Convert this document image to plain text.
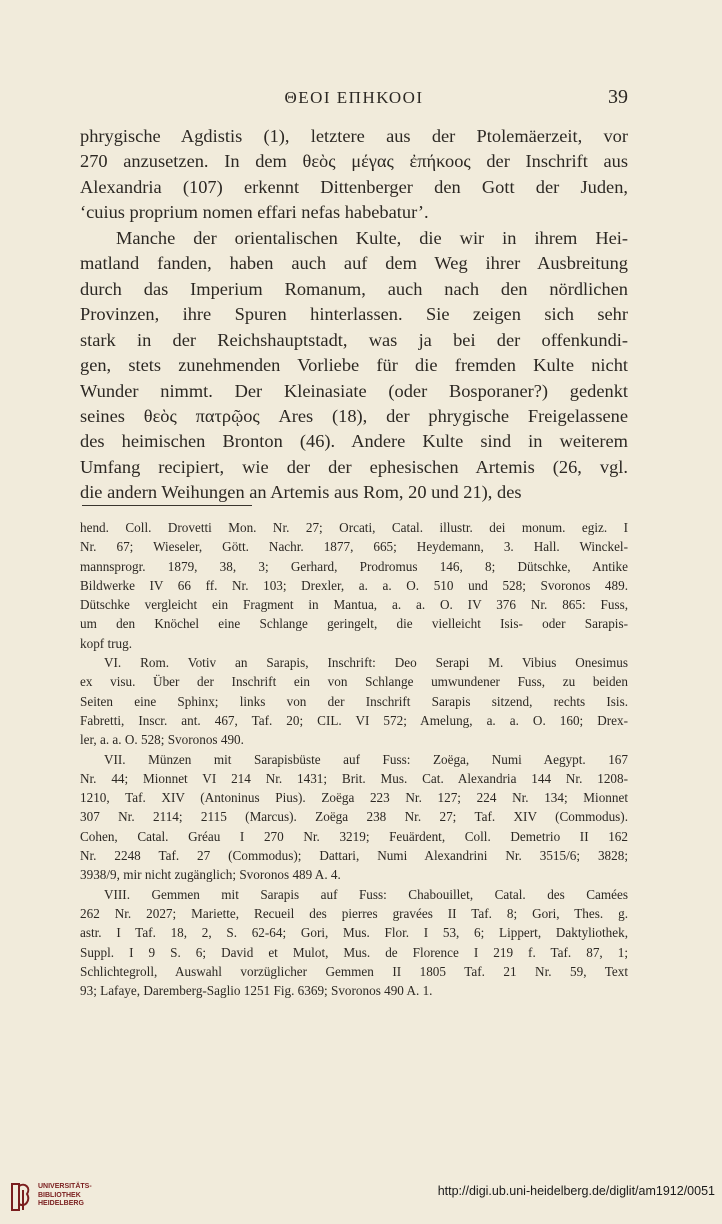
ΘΕΟΙ ΕΠΗΚΟΟΙ	39

phrygische Agdistis (1), letztere aus der Ptolemäerzeit, vor
270 anzusetzen. In dem θεὸς μέγας ἐπήκοος der Inschrift aus
Alexandria (107) erkennt Dittenberger den Gott der Juden,
‘cuius proprium nomen effari nefas habebatur’.

Manche der orientalischen Kulte, die wir in ihrem Hei-
matland fanden, haben auch auf dem Weg ihrer Ausbreitung
durch das Imperium Romanum, auch nach den nördlichen
Provinzen, ihre Spuren hinterlassen. Sie zeigen sich sehr
stark in der Reichshauptstadt, was ja bei der offenkundi-
gen, stets zunehmenden Vorliebe für die fremden Kulte nicht
Wunder nimmt. Der Kleinasiate (oder Bosporaner?) gedenkt
seines θεὸς πατρῷος Ares (18), der phrygische Freigelassene
des heimischen Bronton (46). Andere Kulte sind in weiterem
Umfang recipiert, wie der der ephesischen Artemis (26, vgl.
die andern Weihungen an Artemis aus Rom, 20 und 21), des

hend. Coll. Drovetti Mon. Nr. 27; Orcati, Catal. illustr. dei monum. egiz. I
Nr. 67; Wieseler, Gött. Nachr. 1877, 665; Heydemann, 3. Hall. Winckel-
mannsprogr. 1879, 38, 3; Gerhard, Prodromus 146, 8; Dütschke, Antike
Bildwerke IV 66 ff. Nr. 103; Drexler, a. a. O. 510 und 528; Svoronos 489.
Dütschke vergleicht ein Fragment in Mantua, a. a. O. IV 376 Nr. 865: Fuss,
um den Knöchel eine Schlange geringelt, die vielleicht Isis- oder Sarapis-
kopf trug.

VI. Rom. Votiv an Sarapis, Inschrift: Deo Serapi M. Vibius Onesimus
ex visu. Über der Inschrift ein von Schlange umwundener Fuss, zu beiden
Seiten eine Sphinx; links von der Inschrift Sarapis sitzend, rechts Isis.
Fabretti, Inscr. ant. 467, Taf. 20; CIL. VI 572; Amelung, a. a. O. 160; Drex-
ler, a. a. O. 528; Svoronos 490.

VII. Münzen mit Sarapisbüste auf Fuss: Zoëga, Numi Aegypt. 167
Nr. 44; Mionnet VI 214 Nr. 1431; Brit. Mus. Cat. Alexandria 144 Nr. 1208-
1210, Taf. XIV (Antoninus Pius). Zoëga 223 Nr. 127; 224 Nr. 134; Mionnet
307 Nr. 2114; 2115 (Marcus). Zoëga 238 Nr. 27; Taf. XIV (Commodus).
Cohen, Catal. Gréau I 270 Nr. 3219; Feuärdent, Coll. Demetrio II 162
Nr. 2248 Taf. 27 (Commodus); Dattari, Numi Alexandrini Nr. 3515/6; 3828;
3938/9, mir nicht zugänglich; Svoronos 489 A. 4.

VIII. Gemmen mit Sarapis auf Fuss: Chabouillet, Catal. des Camées
262 Nr. 2027; Mariette, Recueil des pierres gravées II Taf. 8; Gori, Thes. g.
astr. I Taf. 18, 2, S. 62-64; Gori, Mus. Flor. I 53, 6; Lippert, Daktyliothek,
Suppl. I 9 S. 6; David et Mulot, Mus. de Florence I 219 f. Taf. 87, 1;
Schlichtegroll, Auswahl vorzüglicher Gemmen II 1805 Taf. 21 Nr. 59, Text
93; Lafaye, Daremberg-Saglio 1251 Fig. 6369; Svoronos 490 A. 1.

UNIVERSITÄTS-
BIBLIOTHEK
HEIDELBERG
http://digi.ub.uni-heidelberg.de/diglit/am1912/0051
